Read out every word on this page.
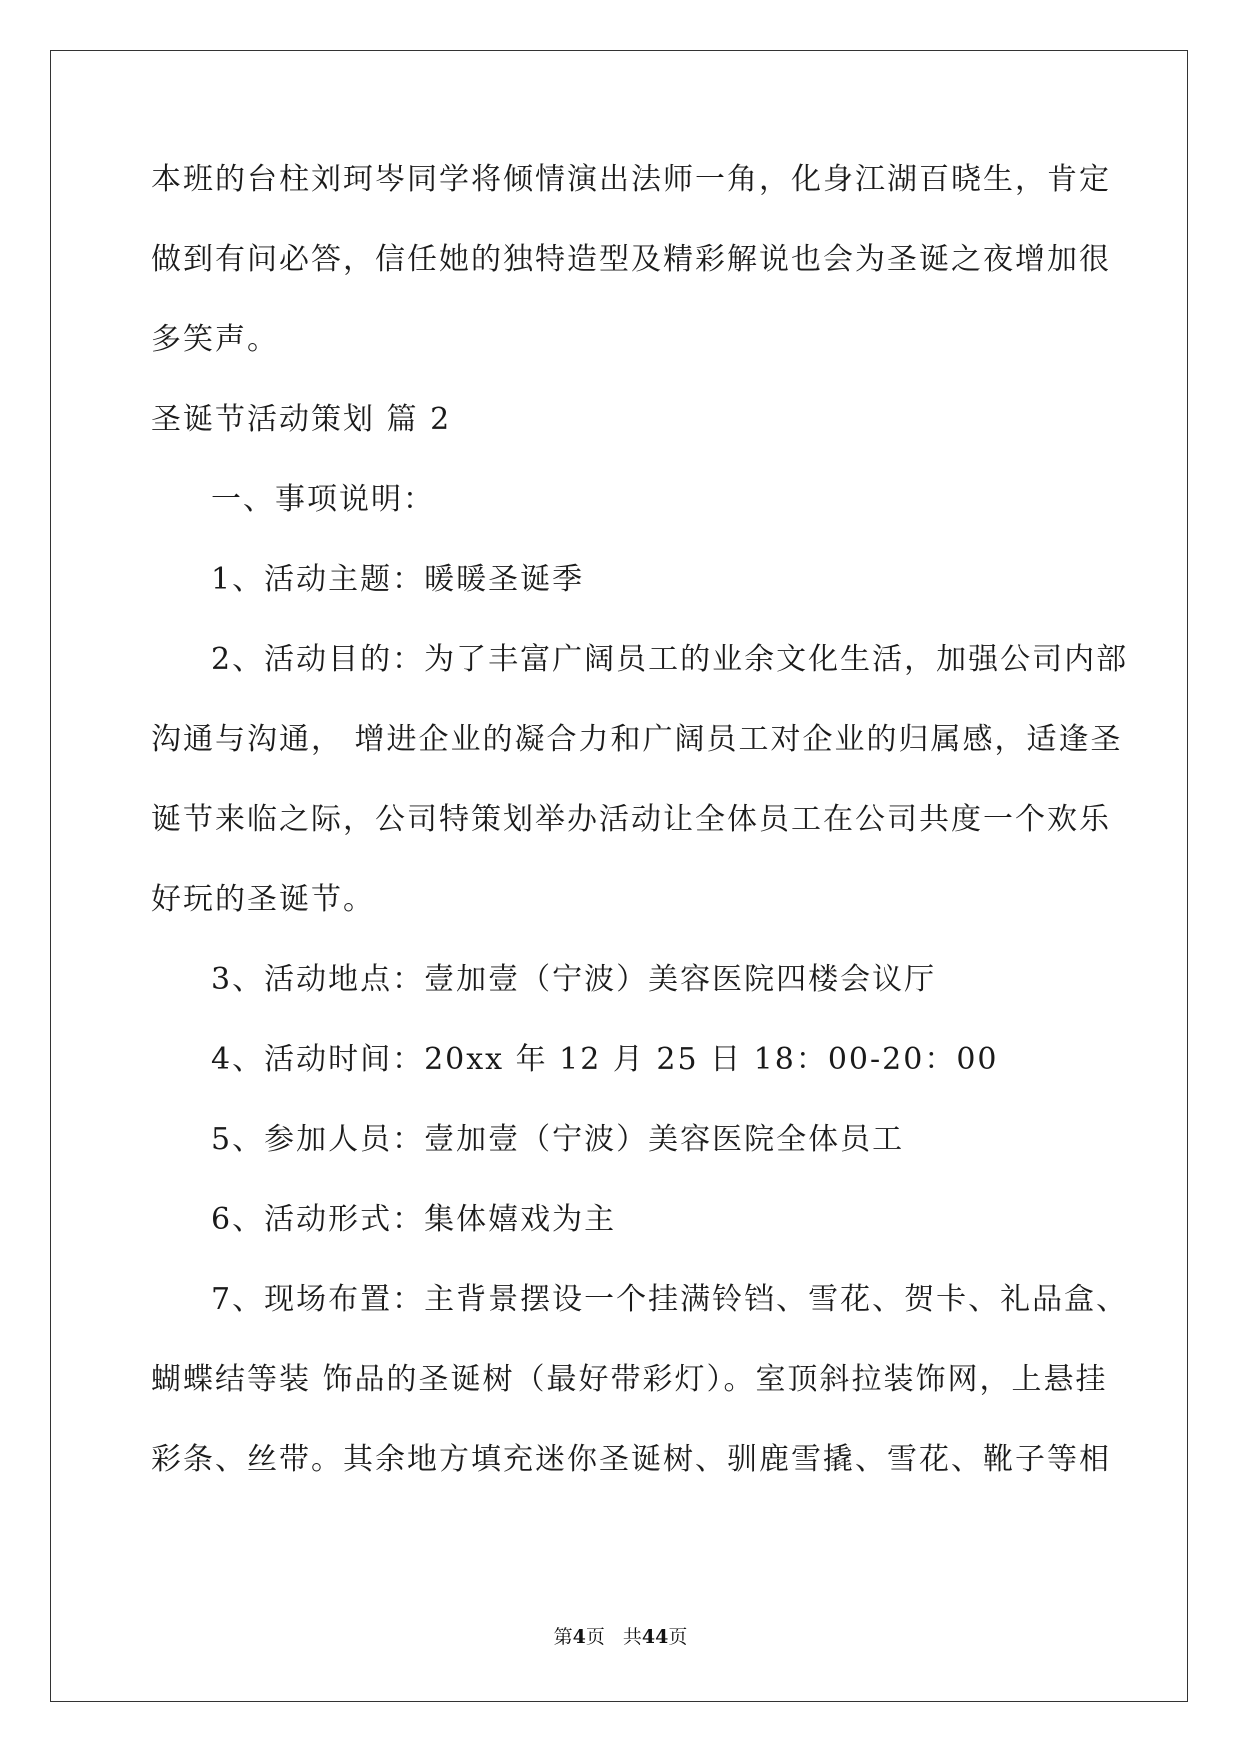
本班的台柱刘珂岑同学将倾情演出法师一角，化身江湖百晓生，肯定
做到有问必答，信任她的独特造型及精彩解说也会为圣诞之夜增加很
多笑声。
圣诞节活动策划 篇 2
一、事项说明：
1、活动主题：暖暖圣诞季
2、活动目的：为了丰富广阔员工的业余文化生活，加强公司内部
沟通与沟通， 增进企业的凝合力和广阔员工对企业的归属感，适逢圣
诞节来临之际，公司特策划举办活动让全体员工在公司共度一个欢乐
好玩的圣诞节。
3、活动地点：壹加壹（宁波）美容医院四楼会议厅
4、活动时间：20xx 年 12 月 25 日 18：00-20：00
5、参加人员：壹加壹（宁波）美容医院全体员工
6、活动形式：集体嬉戏为主
7、现场布置：主背景摆设一个挂满铃铛、雪花、贺卡、礼品盒、
蝴蝶结等装 饰品的圣诞树（最好带彩灯）。室顶斜拉装饰网，上悬挂
彩条、丝带。其余地方填充迷你圣诞树、驯鹿雪撬、雪花、靴子等相
第4页 共44页
